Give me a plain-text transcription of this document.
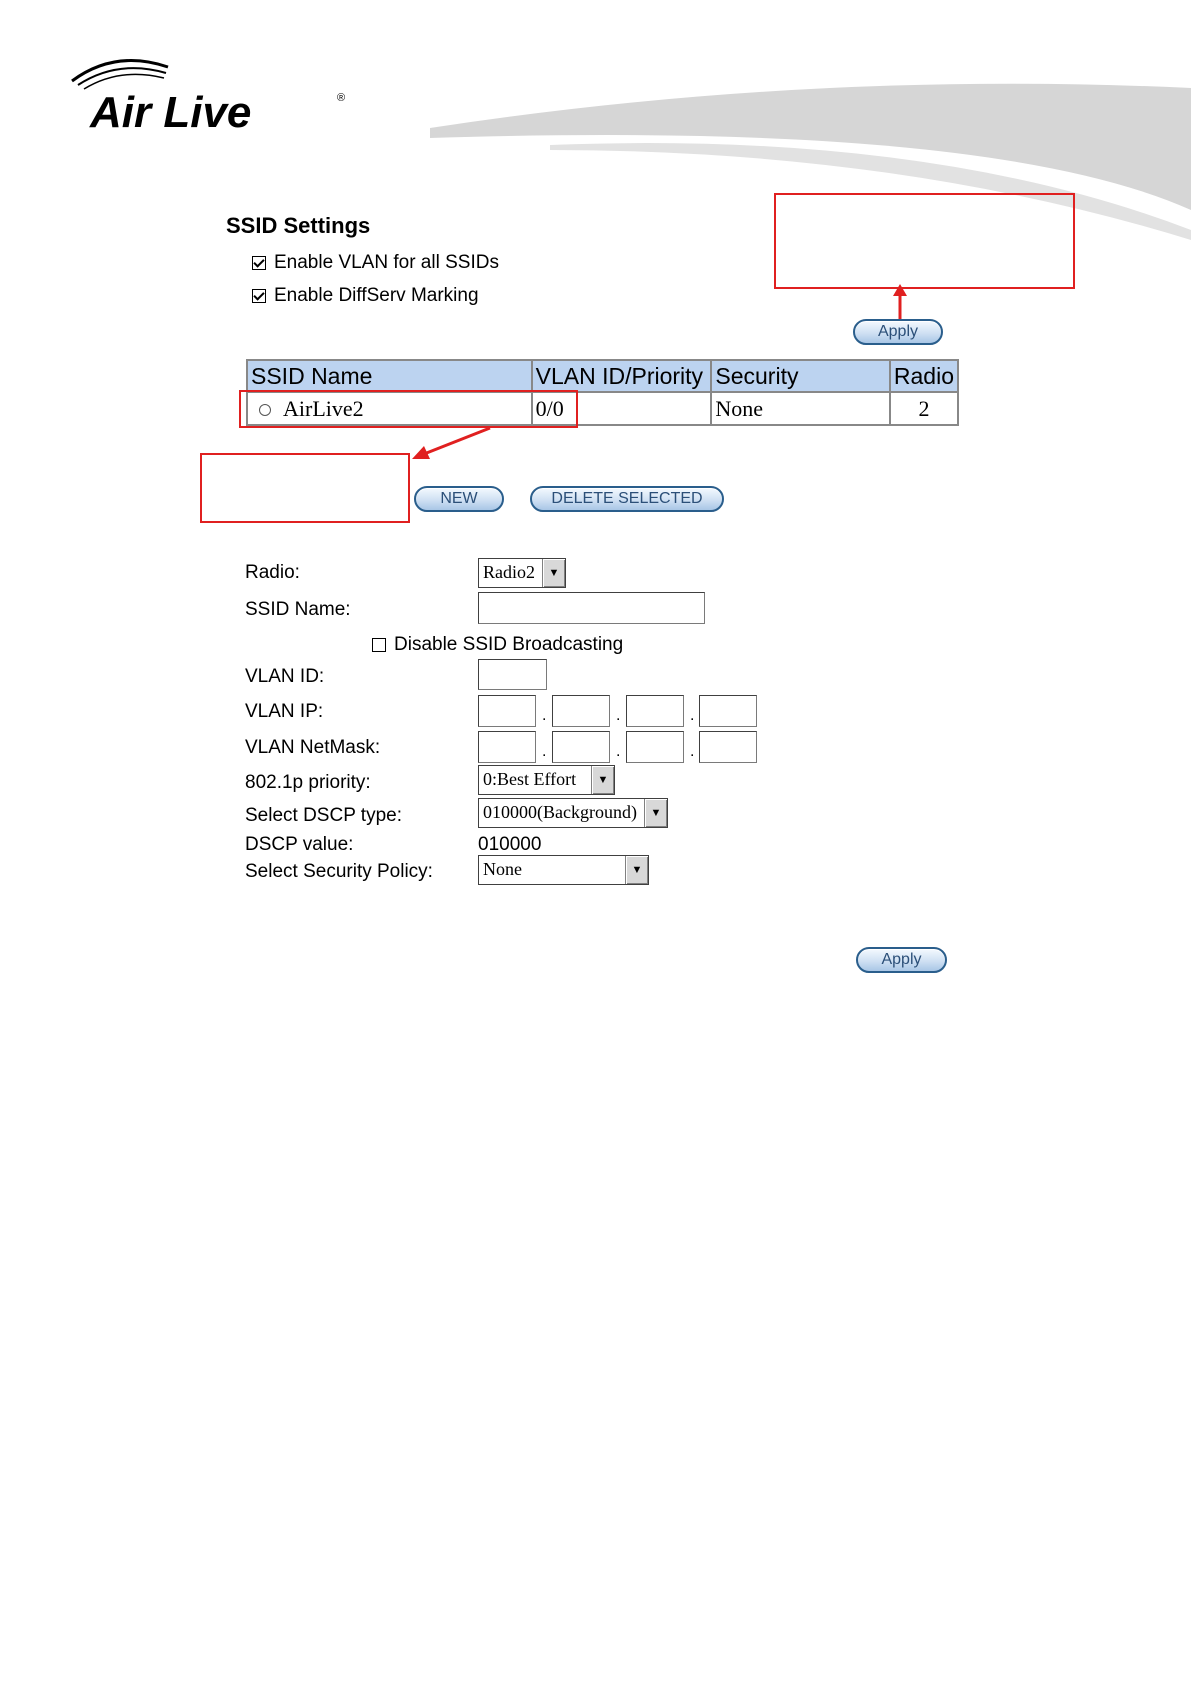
Air Live	®
SSID Settings
Enable VLAN for all SSIDs
Enable DiffServ Marking
Apply
SSID Name	VLAN ID/Priority	Security	Radio
AirLive2	0/0	None	2
NEW	DELETE SELECTED
Radio:	Radio2	▼
SSID Name:
Disable SSID Broadcasting
VLAN ID:
VLAN IP:	.	.	.
VLAN NetMask:	.	.	.
802.1p priority:	0:Best Effort	▼
Select DSCP type:	010000(Background)	▼
DSCP value:	010000
Select Security Policy:	None	▼
Apply
